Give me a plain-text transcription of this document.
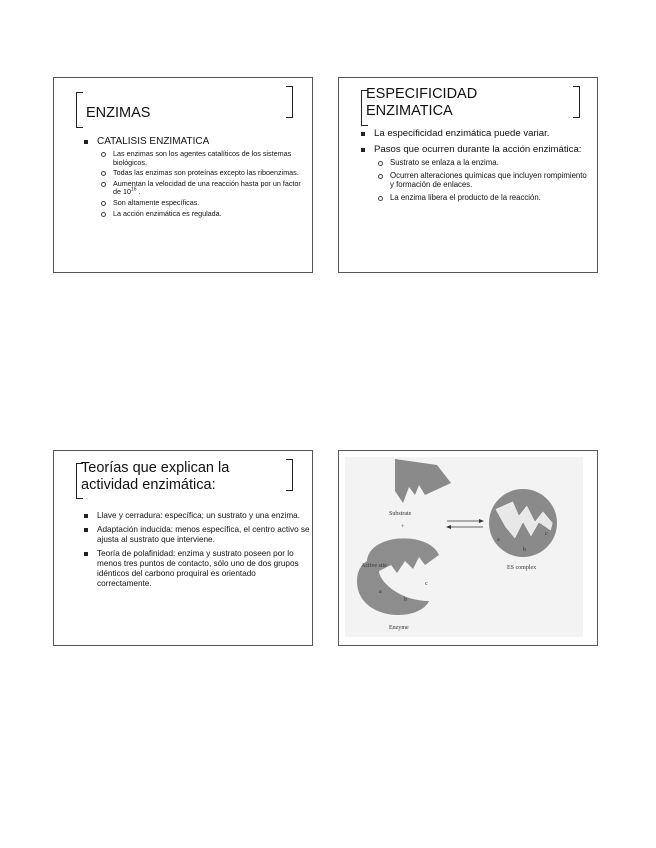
ENZIMAS
CATALISIS ENZIMATICA
Las enzimas son los agentes catalíticos de los sistemas biológicos.
Todas las enzimas son proteínas excepto las riboenzimas.
Aumentan la velocidad de una reacción hasta por un factor de $10^{16}$ .
Son altamente específicas.
La acción enzimática es regulada.
ESPECIFICIDAD
ENZIMATICA
La especificidad enzimática puede variar.
Pasos que ocurren durante la acción enzimática:
Sustrato se enlaza a la enzima.
Ocurren alteraciones químicas que incluyen rompimiento y formación de enlaces.
La enzima libera el producto de la reacción.
Teorías que explican la
actividad enzimática:
Llave y cerradura: específica; un sustrato y una enzima.
Adaptación inducida: menos específica, el centro activo se ajusta al sustrato que interviene.
Teoría de polafinidad: enzima y sustrato poseen por lo menos tres puntos de contacto, sólo uno de dos grupos idénticos del carbono proquiral es orientado correctamente.
Substrate
+
Active site
a
b
c
Enzyme
a
b
c
ES complex
